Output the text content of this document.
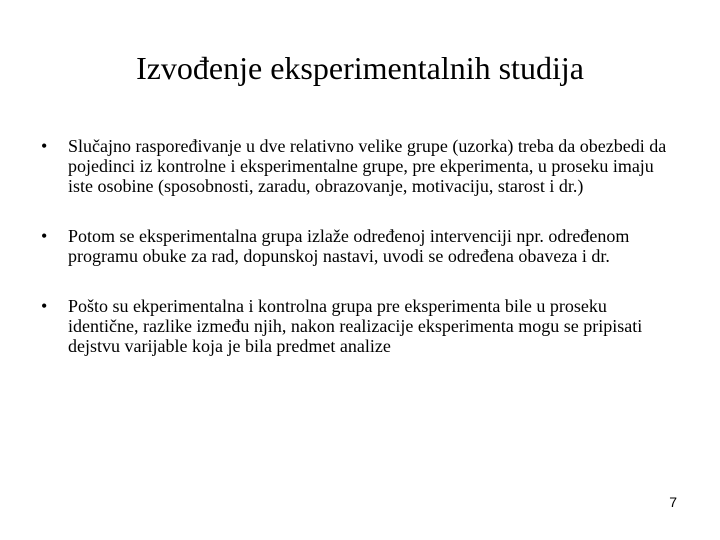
Izvođenje eksperimentalnih studija
• Slučajno raspoređivanje u dve relativno velike grupe (uzorka) treba da obezbedi da pojedinci iz kontrolne i eksperimentalne grupe, pre ekperimenta, u proseku imaju iste osobine (sposobnosti, zaradu, obrazovanje, motivaciju, starost i dr.)
• Potom se eksperimentalna grupa izlaže određenoj intervenciji npr. određenom programu obuke za rad, dopunskoj nastavi, uvodi se određena obaveza i dr.
• Pošto su ekperimentalna i kontrolna grupa pre eksperimenta bile u proseku identične, razlike između njih, nakon realizacije eksperimenta mogu se pripisati dejstvu varijable koja je bila predmet analize
7
